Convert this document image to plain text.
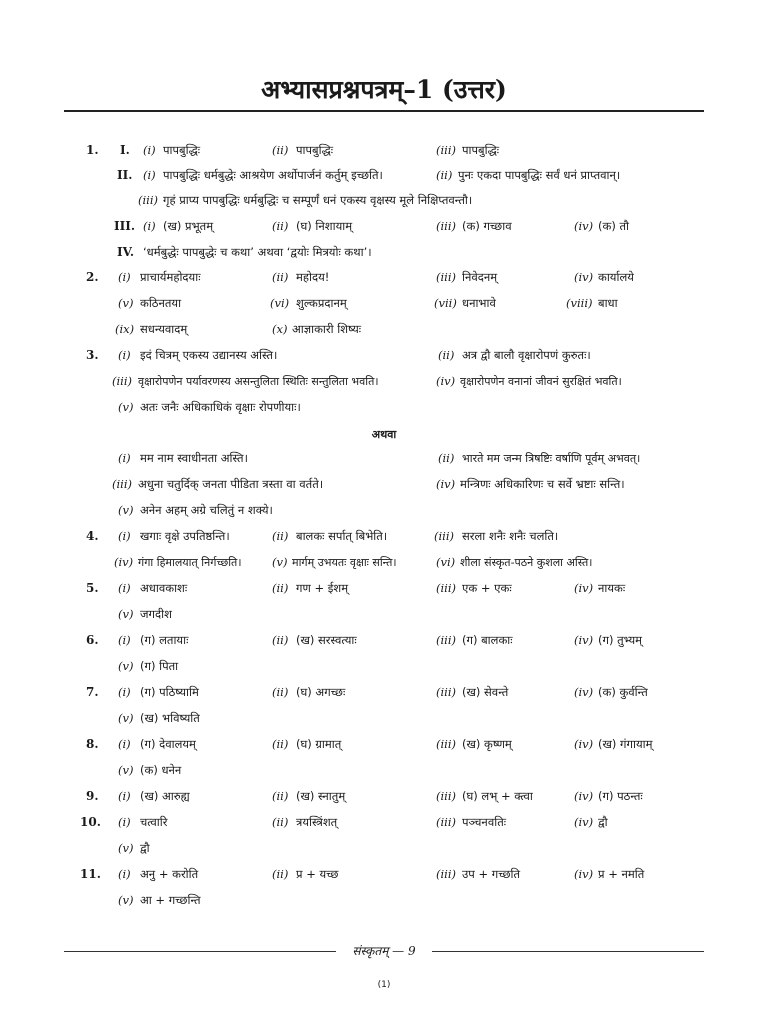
अभ्यासप्रश्नपत्रम्–1 (उत्तर)
1. I. (i) पापबुद्धिः	(ii) पापबुद्धिः	(iii) पापबुद्धिः
II. (i) पापबुद्धिः धर्मबुद्धेः आश्रयेण अर्थोपार्जनं कर्तुम् इच्छति।	(ii) पुनः एकदा पापबुद्धिः सर्वं धनं प्राप्तवान्।
(iii) गृहं प्राप्य पापबुद्धिः धर्मबुद्धिः च सम्पूर्णं धनं एकस्य वृक्षस्य मूले निक्षिप्तवन्तौ।
III. (i) (ख) प्रभूतम्	(ii) (घ) निशायाम्	(iii) (क) गच्छाव	(iv) (क) तौ
IV. ‘धर्मबुद्धेः पापबुद्धेः च कथा’ अथवा ‘द्वयोः मित्रयोः कथा’।
2. (i) प्राचार्यमहोदयाः	(ii) महोदय!	(iii) निवेदनम्	(iv) कार्यालये
(v) कठिनतया	(vi) शुल्कप्रदानम्	(vii) धनाभावे	(viii) बाधा
(ix) सधन्यवादम्	(x) आज्ञाकारी शिष्यः
3. (i) इदं चित्रम् एकस्य उद्यानस्य अस्ति।	(ii) अत्र द्वौ बालौ वृक्षारोपणं कुरुतः।
(iii) वृक्षारोपणेन पर्यावरणस्य असन्तुलिता स्थितिः सन्तुलिता भवति।	(iv) वृक्षारोपणेन वनानां जीवनं सुरक्षितं भवति।
(v) अतः जनैः अधिकाधिकं वृक्षाः रोपणीयाः।
अथवा
(i) मम नाम स्वाधीनता अस्ति।	(ii) भारते मम जन्म त्रिषष्टिः वर्षाणि पूर्वम् अभवत्।
(iii) अधुना चतुर्दिक् जनता पीडिता त्रस्ता वा वर्तते।	(iv) मन्त्रिणः अधिकारिणः च सर्वे भ्रष्टाः सन्ति।
(v) अनेन अहम् अग्रे चलितुं न शक्ये।
4. (i) खगाः वृक्षे उपतिष्ठन्ति।	(ii) बालकः सर्पात् बिभेति।	(iii) सरला शनैः शनैः चलति।
(iv) गंगा हिमालयात् निर्गच्छति।	(v) मार्गम् उभयतः वृक्षाः सन्ति।	(vi) शीला संस्कृत-पठने कुशला अस्ति।
5. (i) अधावकाशः	(ii) गण + ईशम्	(iii) एक + एकः	(iv) नायकः
(v) जगदीश
6. (i) (ग) लतायाः	(ii) (ख) सरस्वत्याः	(iii) (ग) बालकाः	(iv) (ग) तुभ्यम्
(v) (ग) पिता
7. (i) (ग) पठिष्यामि	(ii) (घ) अगच्छः	(iii) (ख) सेवन्ते	(iv) (क) कुर्वन्ति
(v) (ख) भविष्यति
8. (i) (ग) देवालयम्	(ii) (घ) ग्रामात्	(iii) (ख) कृष्णम्	(iv) (ख) गंगायाम्
(v) (क) धनेन
9. (i) (ख) आरुह्य	(ii) (ख) स्नातुम्	(iii) (घ) लभ् + क्त्वा	(iv) (ग) पठन्तः
10. (i) चत्वारि	(ii) त्रयस्त्रिंशत्	(iii) पञ्चनवतिः	(iv) द्वौ
(v) द्वौ
11. (i) अनु + करोति	(ii) प्र + यच्छ	(iii) उप + गच्छति	(iv) प्र + नमति
(v) आ + गच्छन्ति
संस्कृतम् — 9
(1)
